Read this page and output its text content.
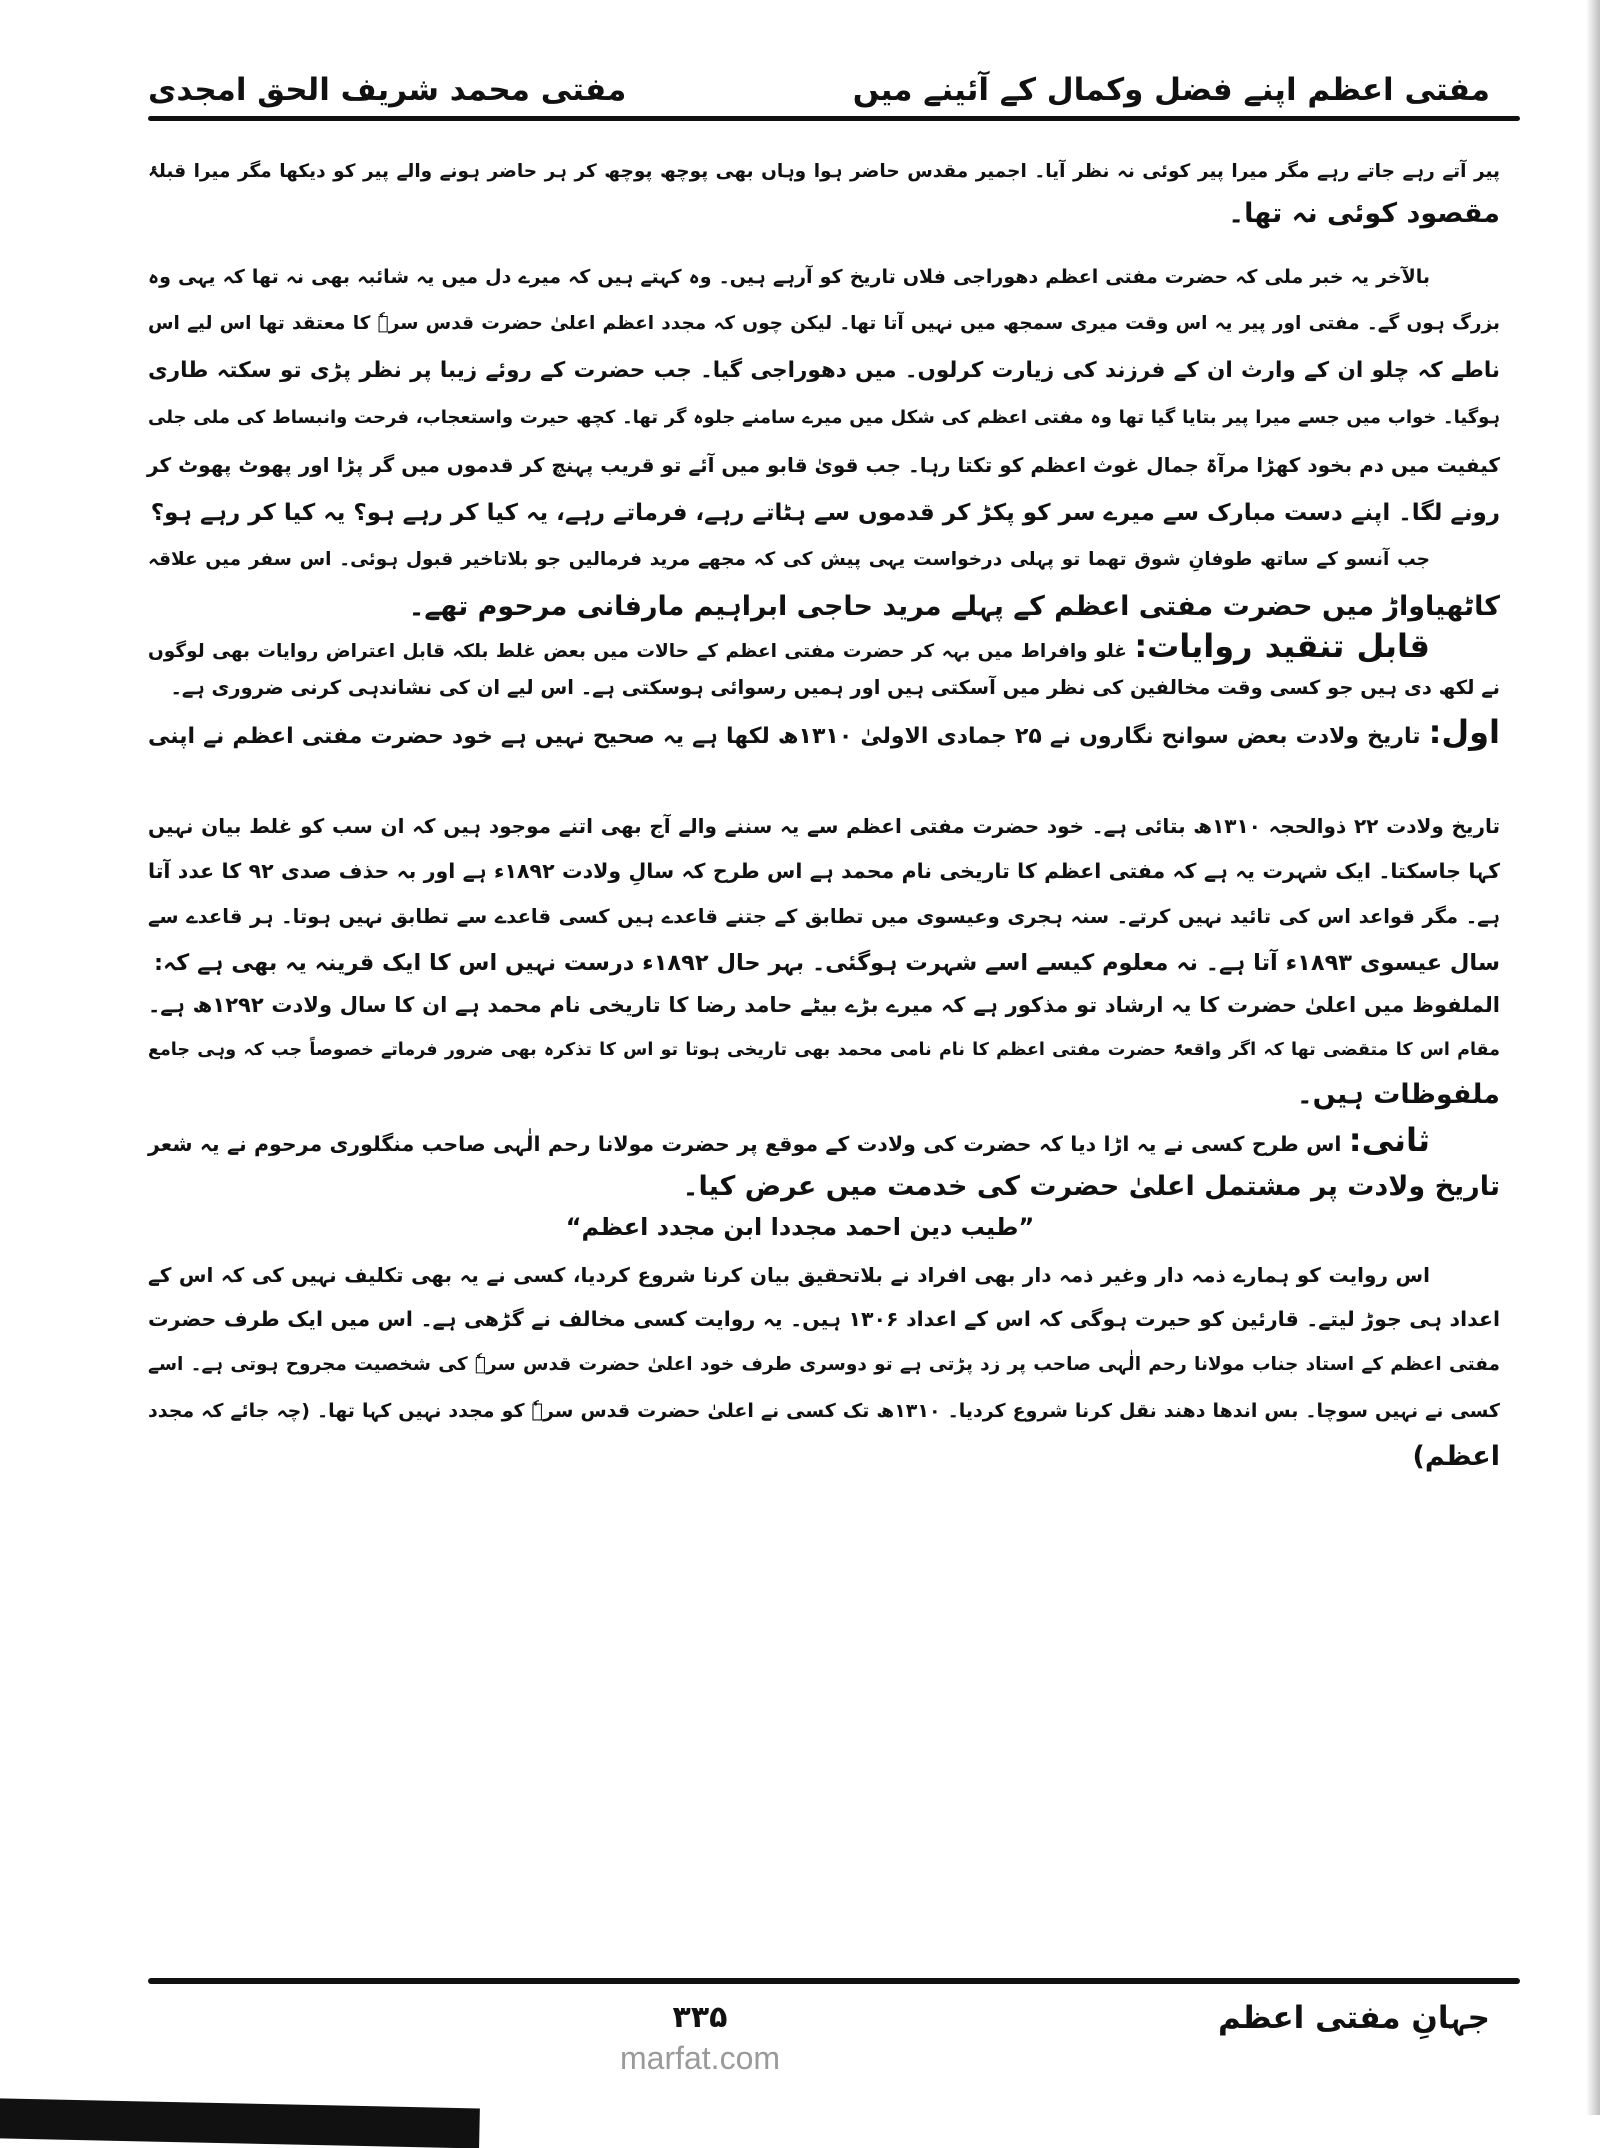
مفتی اعظم اپنے فضل وکمال کے آئینے میں
مفتی محمد شریف الحق امجدی
پیر آتے رہے جاتے رہے مگر میرا پیر کوئی نہ نظر آیا۔ اجمیر مقدس حاضر ہوا وہاں بھی پوچھ پوچھ کر ہر حاضر ہونے والے پیر کو دیکھا مگر میرا قبلۂ
مقصود کوئی نہ تھا۔
بالآخر یہ خبر ملی کہ حضرت مفتی اعظم دھوراجی فلاں تاریخ کو آرہے ہیں۔ وہ کہتے ہیں کہ میرے دل میں یہ شائبہ بھی نہ تھا کہ یہی وہ
بزرگ ہوں گے۔ مفتی اور پیر یہ اس وقت میری سمجھ میں نہیں آتا تھا۔ لیکن چوں کہ مجدد اعظم اعلیٰ حضرت قدس سرہٗ کا معتقد تھا اس لیے اس
ناطے کہ چلو ان کے وارث ان کے فرزند کی زیارت کرلوں۔ میں دھوراجی گیا۔ جب حضرت کے روئے زیبا پر نظر پڑی تو سکتہ طاری
ہوگیا۔ خواب میں جسے میرا پیر بتایا گیا تھا وہ مفتی اعظم کی شکل میں میرے سامنے جلوہ گر تھا۔ کچھ حیرت واستعجاب، فرحت وانبساط کی ملی جلی
کیفیت میں دم بخود کھڑا مرآۃ جمال غوث اعظم کو تکتا رہا۔ جب قویٰ قابو میں آئے تو قریب پہنچ کر قدموں میں گر پڑا اور پھوٹ پھوٹ کر
رونے لگا۔ اپنے دست مبارک سے میرے سر کو پکڑ کر قدموں سے ہٹاتے رہے، فرماتے رہے، یہ کیا کر رہے ہو؟ یہ کیا کر رہے ہو؟
جب آنسو کے ساتھ طوفانِ شوق تھما تو پہلی درخواست یہی پیش کی کہ مجھے مرید فرمالیں جو بلاتاخیر قبول ہوئی۔ اس سفر میں علاقہ
کاٹھیاواڑ میں حضرت مفتی اعظم کے پہلے مرید حاجی ابراہیم مارفانی مرحوم تھے۔
قابل تنقید روایات: غلو وافراط میں بہہ کر حضرت مفتی اعظم کے حالات میں بعض غلط بلکہ قابل اعتراض روایات بھی لوگوں
نے لکھ دی ہیں جو کسی وقت مخالفین کی نظر میں آسکتی ہیں اور ہمیں رسوائی ہوسکتی ہے۔ اس لیے ان کی نشاندہی کرنی ضروری ہے۔
اول: تاریخ ولادت بعض سوانح نگاروں نے ۲۵ جمادی الاولیٰ ۱۳۱۰ھ لکھا ہے یہ صحیح نہیں ہے خود حضرت مفتی اعظم نے اپنی
تاریخ ولادت ۲۲ ذوالحجہ ۱۳۱۰ھ بتائی ہے۔ خود حضرت مفتی اعظم سے یہ سننے والے آج بھی اتنے موجود ہیں کہ ان سب کو غلط بیان نہیں
کہا جاسکتا۔ ایک شہرت یہ ہے کہ مفتی اعظم کا تاریخی نام محمد ہے اس طرح کہ سالِ ولادت ۱۸۹۲ء ہے اور بہ حذف صدی ۹۲ کا عدد آتا
ہے۔ مگر قواعد اس کی تائید نہیں کرتے۔ سنہ ہجری وعیسوی میں تطابق کے جتنے قاعدے ہیں کسی قاعدے سے تطابق نہیں ہوتا۔ ہر قاعدے سے
سال عیسوی ۱۸۹۳ء آتا ہے۔ نہ معلوم کیسے اسے شہرت ہوگئی۔ بہر حال ۱۸۹۲ء درست نہیں اس کا ایک قرینہ یہ بھی ہے کہ:
الملفوظ میں اعلیٰ حضرت کا یہ ارشاد تو مذکور ہے کہ میرے بڑے بیٹے حامد رضا کا تاریخی نام محمد ہے ان کا سال ولادت ۱۲۹۲ھ ہے۔
مقام اس کا متقضی تھا کہ اگر واقعۃً حضرت مفتی اعظم کا نام نامی محمد بھی تاریخی ہوتا تو اس کا تذکرہ بھی ضرور فرماتے خصوصاً جب کہ وہی جامع
ملفوظات ہیں۔
ثانی: اس طرح کسی نے یہ اڑا دیا کہ حضرت کی ولادت کے موقع پر حضرت مولانا رحم الٰہی صاحب منگلوری مرحوم نے یہ شعر
تاریخ ولادت پر مشتمل اعلیٰ حضرت کی خدمت میں عرض کیا۔
”طیب دین احمد مجددا ابن مجدد اعظم“
اس روایت کو ہمارے ذمہ دار وغیر ذمہ دار بھی افراد نے بلاتحقیق بیان کرنا شروع کردیا، کسی نے یہ بھی تکلیف نہیں کی کہ اس کے
اعداد ہی جوڑ لیتے۔ قارئین کو حیرت ہوگی کہ اس کے اعداد ۱۳۰۶ ہیں۔ یہ روایت کسی مخالف نے گڑھی ہے۔ اس میں ایک طرف حضرت
مفتی اعظم کے استاد جناب مولانا رحم الٰہی صاحب پر زد پڑتی ہے تو دوسری طرف خود اعلیٰ حضرت قدس سرہٗ کی شخصیت مجروح ہوتی ہے۔ اسے
کسی نے نہیں سوچا۔ بس اندھا دھند نقل کرنا شروع کردیا۔ ۱۳۱۰ھ تک کسی نے اعلیٰ حضرت قدس سرہٗ کو مجدد نہیں کہا تھا۔ (چہ جائے کہ مجدد
اعظم)
جہانِ مفتی اعظم
۳۳۵
marfat.com
